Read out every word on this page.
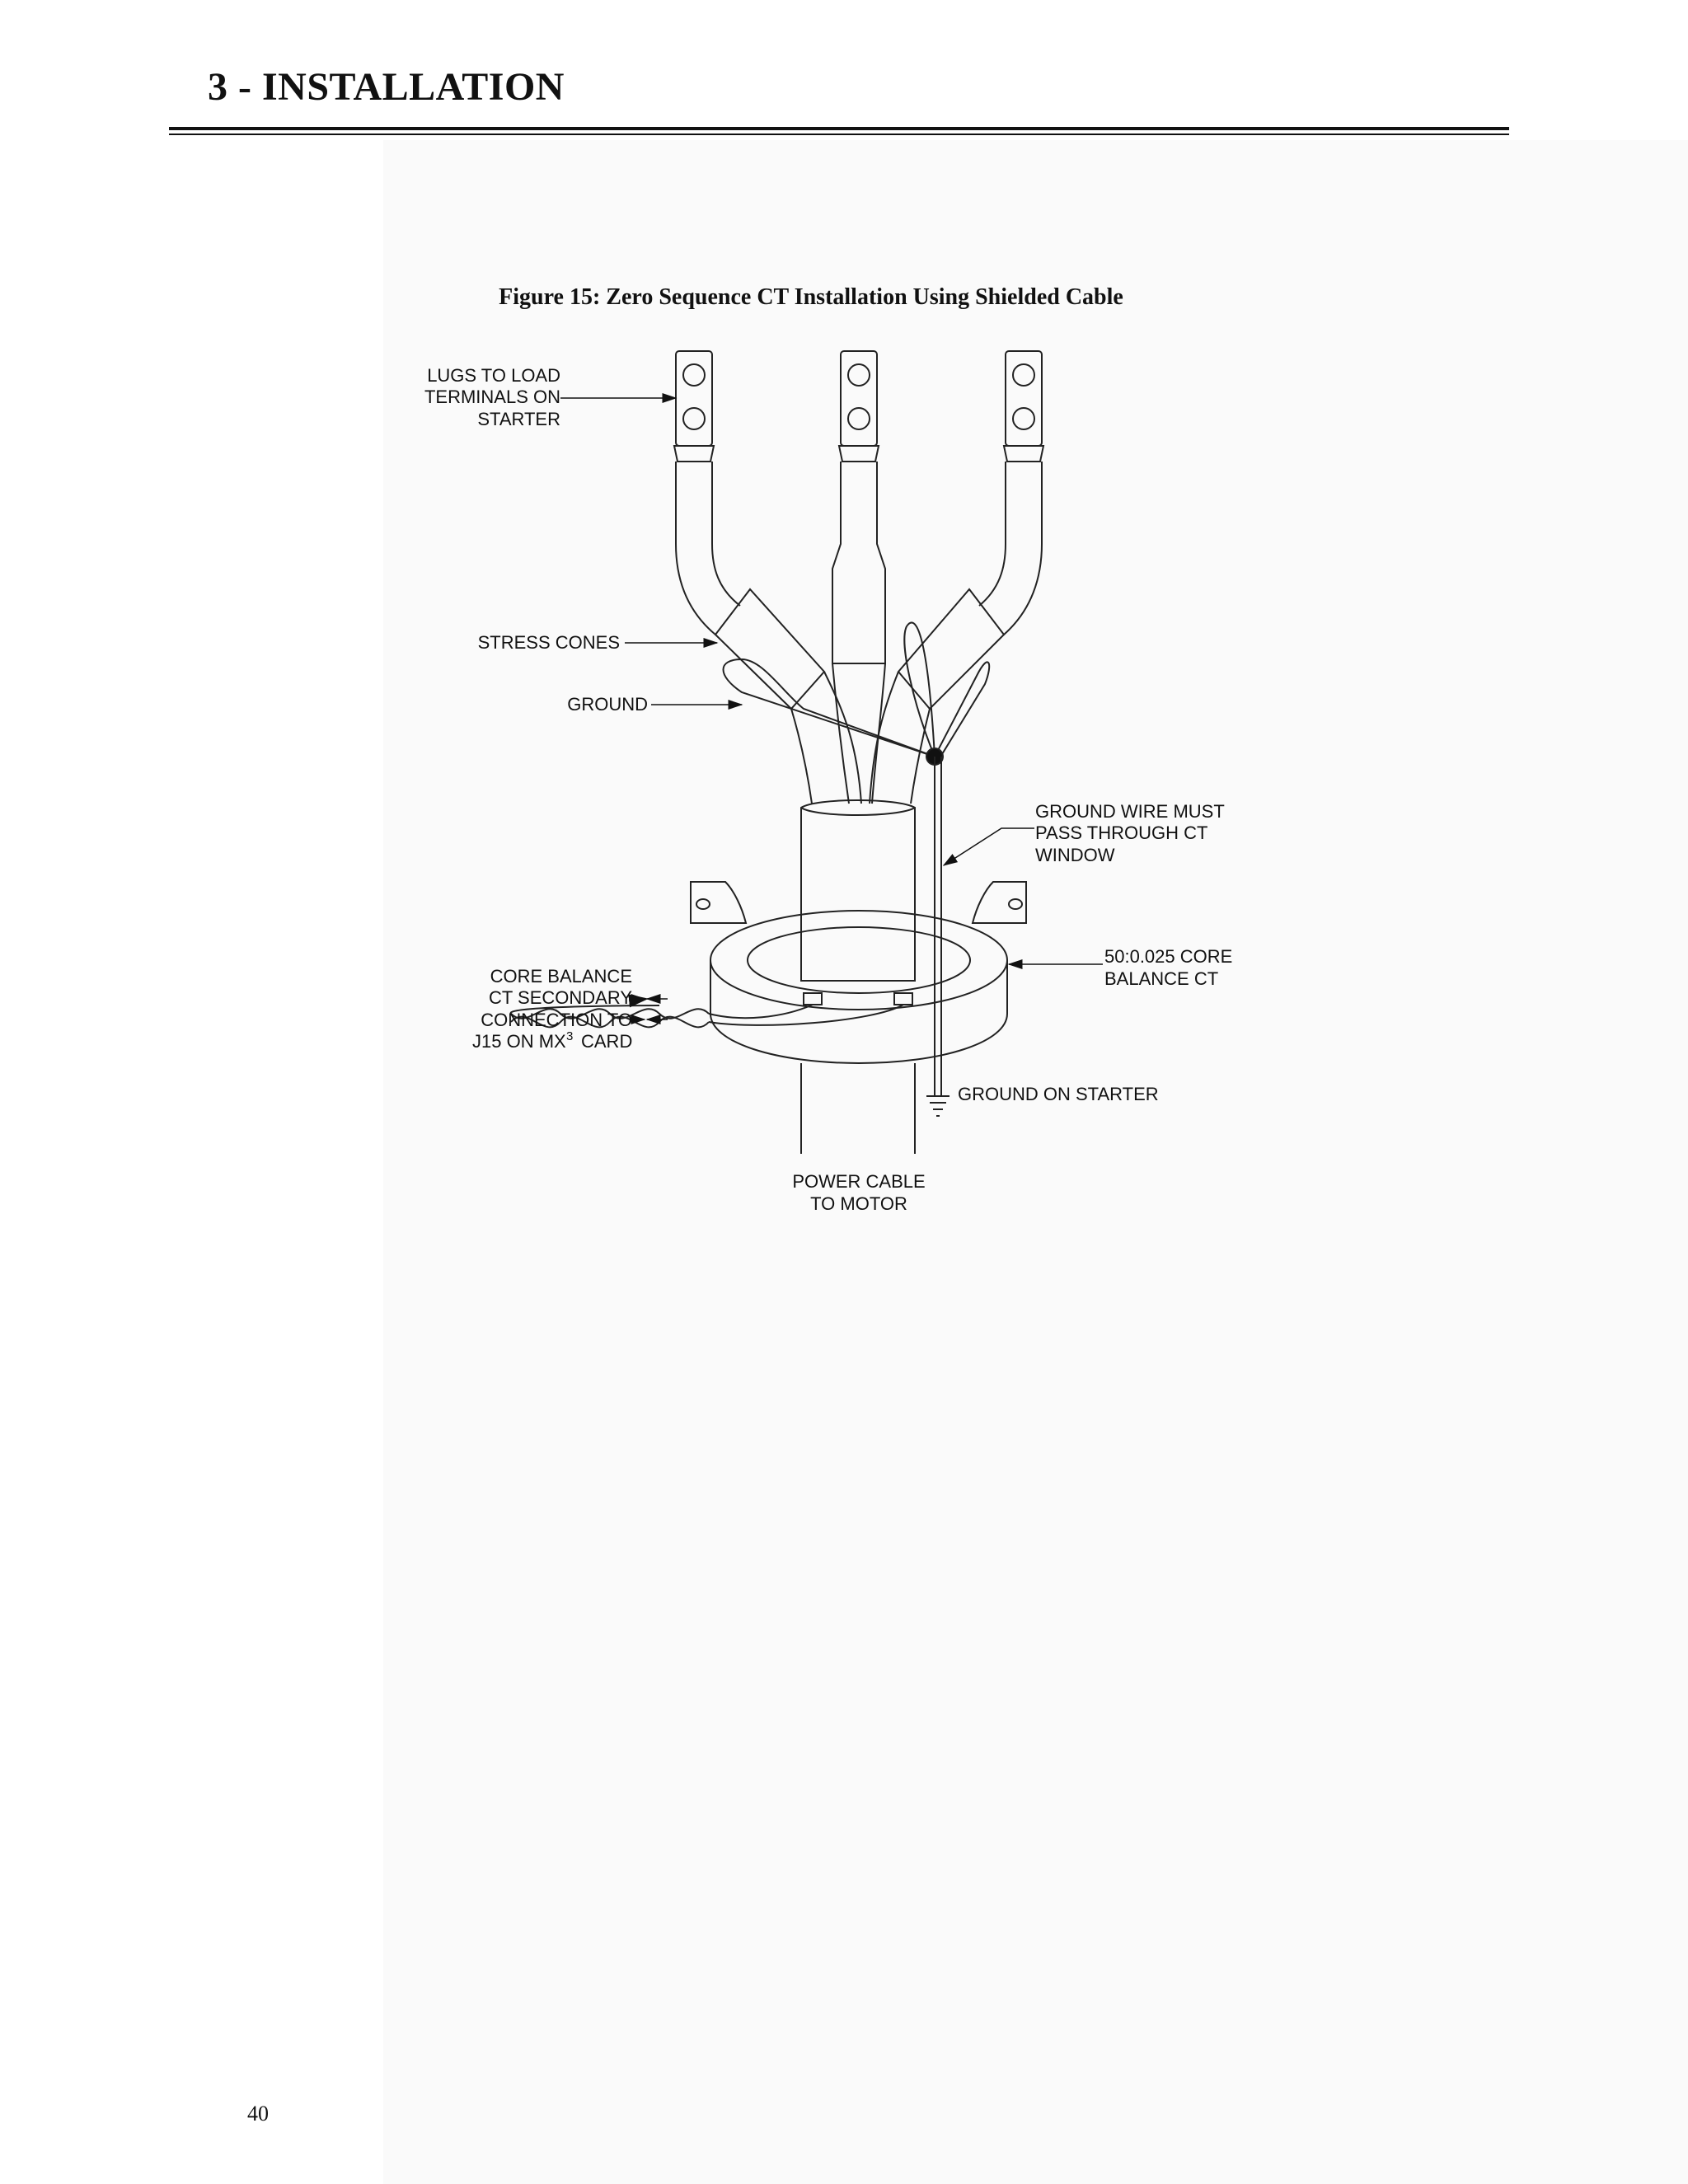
3 - INSTALLATION
Figure 15: Zero Sequence CT Installation Using Shielded Cable
LUGS TO LOAD
TERMINALS ON
STARTER
STRESS CONES
GROUND
GROUND WIRE MUST
PASS THROUGH CT
WINDOW
50:0.025 CORE
BALANCE CT
CORE BALANCE
CT SECONDARY
CONNECTION TO
J15 ON MX 3 CARD
GROUND ON STARTER
POWER CABLE
TO MOTOR
40
